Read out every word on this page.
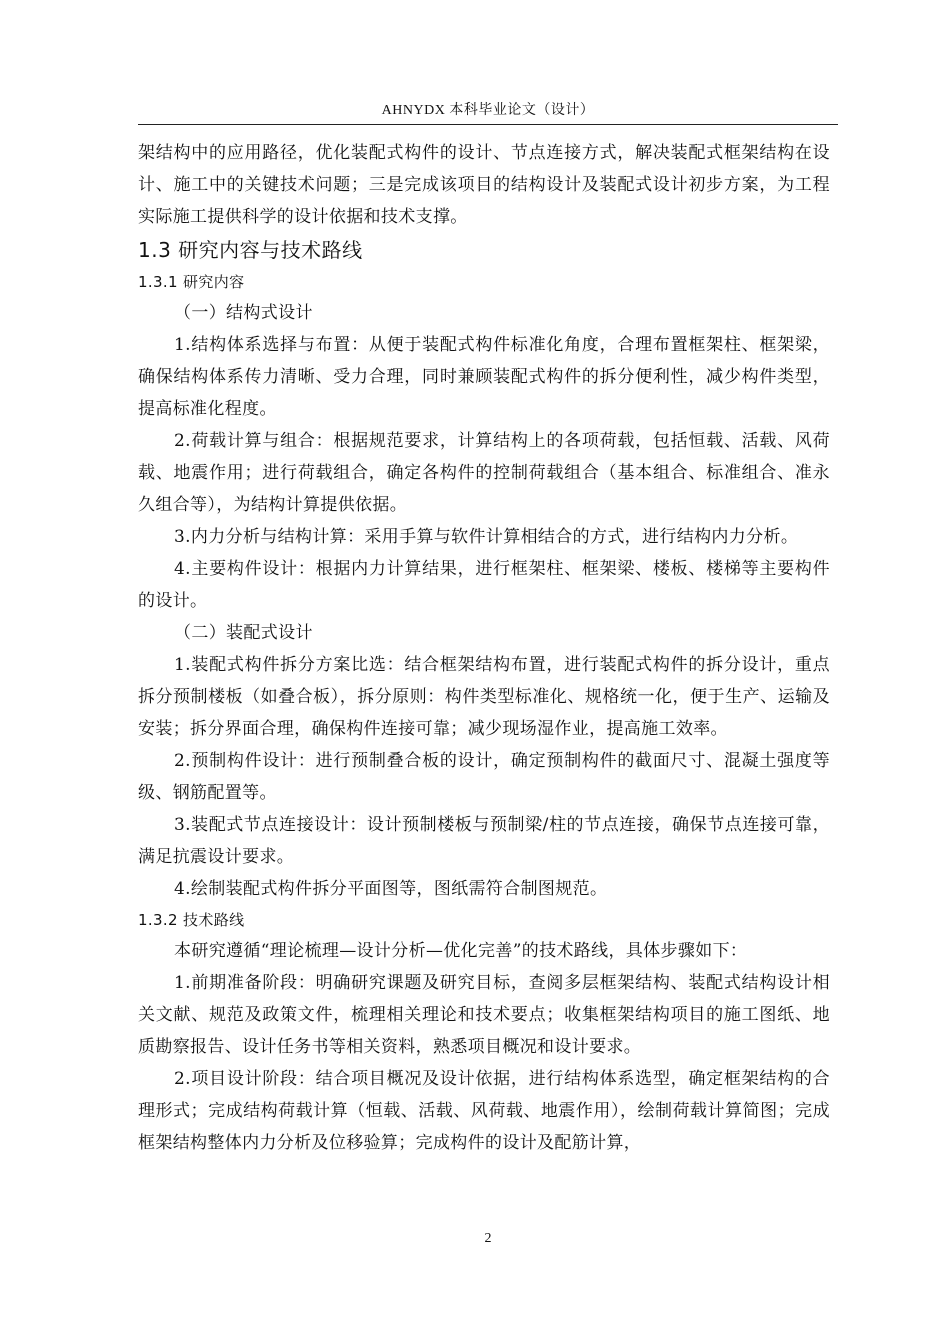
AHNYDX 本科毕业论文（设计）

架结构中的应用路径，优化装配式构件的设计、节点连接方式，解决装配式框架结构在设计、施工中的关键技术问题；三是完成该项目的结构设计及装配式设计初步方案，为工程实际施工提供科学的设计依据和技术支撑。

1.3 研究内容与技术路线
1.3.1 研究内容

（一）结构式设计

1.结构体系选择与布置：从便于装配式构件标准化角度，合理布置框架柱、框架梁，确保结构体系传力清晰、受力合理，同时兼顾装配式构件的拆分便利性，减少构件类型，提高标准化程度。

2.荷载计算与组合：根据规范要求，计算结构上的各项荷载，包括恒载、活载、风荷载、地震作用；进行荷载组合，确定各构件的控制荷载组合（基本组合、标准组合、准永久组合等），为结构计算提供依据。

3.内力分析与结构计算：采用手算与软件计算相结合的方式，进行结构内力分析。

4.主要构件设计：根据内力计算结果，进行框架柱、框架梁、楼板、楼梯等主要构件的设计。

（二）装配式设计

1.装配式构件拆分方案比选：结合框架结构布置，进行装配式构件的拆分设计，重点拆分预制楼板（如叠合板），拆分原则：构件类型标准化、规格统一化，便于生产、运输及安装；拆分界面合理，确保构件连接可靠；减少现场湿作业，提高施工效率。

2.预制构件设计：进行预制叠合板的设计，确定预制构件的截面尺寸、混凝土强度等级、钢筋配置等。

3.装配式节点连接设计：设计预制楼板与预制梁/柱的节点连接，确保节点连接可靠，满足抗震设计要求。

4.绘制装配式构件拆分平面图等，图纸需符合制图规范。

1.3.2 技术路线

本研究遵循“理论梳理—设计分析—优化完善”的技术路线，具体步骤如下：

1.前期准备阶段：明确研究课题及研究目标，查阅多层框架结构、装配式结构设计相关文献、规范及政策文件，梳理相关理论和技术要点；收集框架结构项目的施工图纸、地质勘察报告、设计任务书等相关资料，熟悉项目概况和设计要求。

2.项目设计阶段：结合项目概况及设计依据，进行结构体系选型，确定框架结构的合理形式；完成结构荷载计算（恒载、活载、风荷载、地震作用），绘制荷载计算简图；完成框架结构整体内力分析及位移验算；完成构件的设计及配筋计算，

2
